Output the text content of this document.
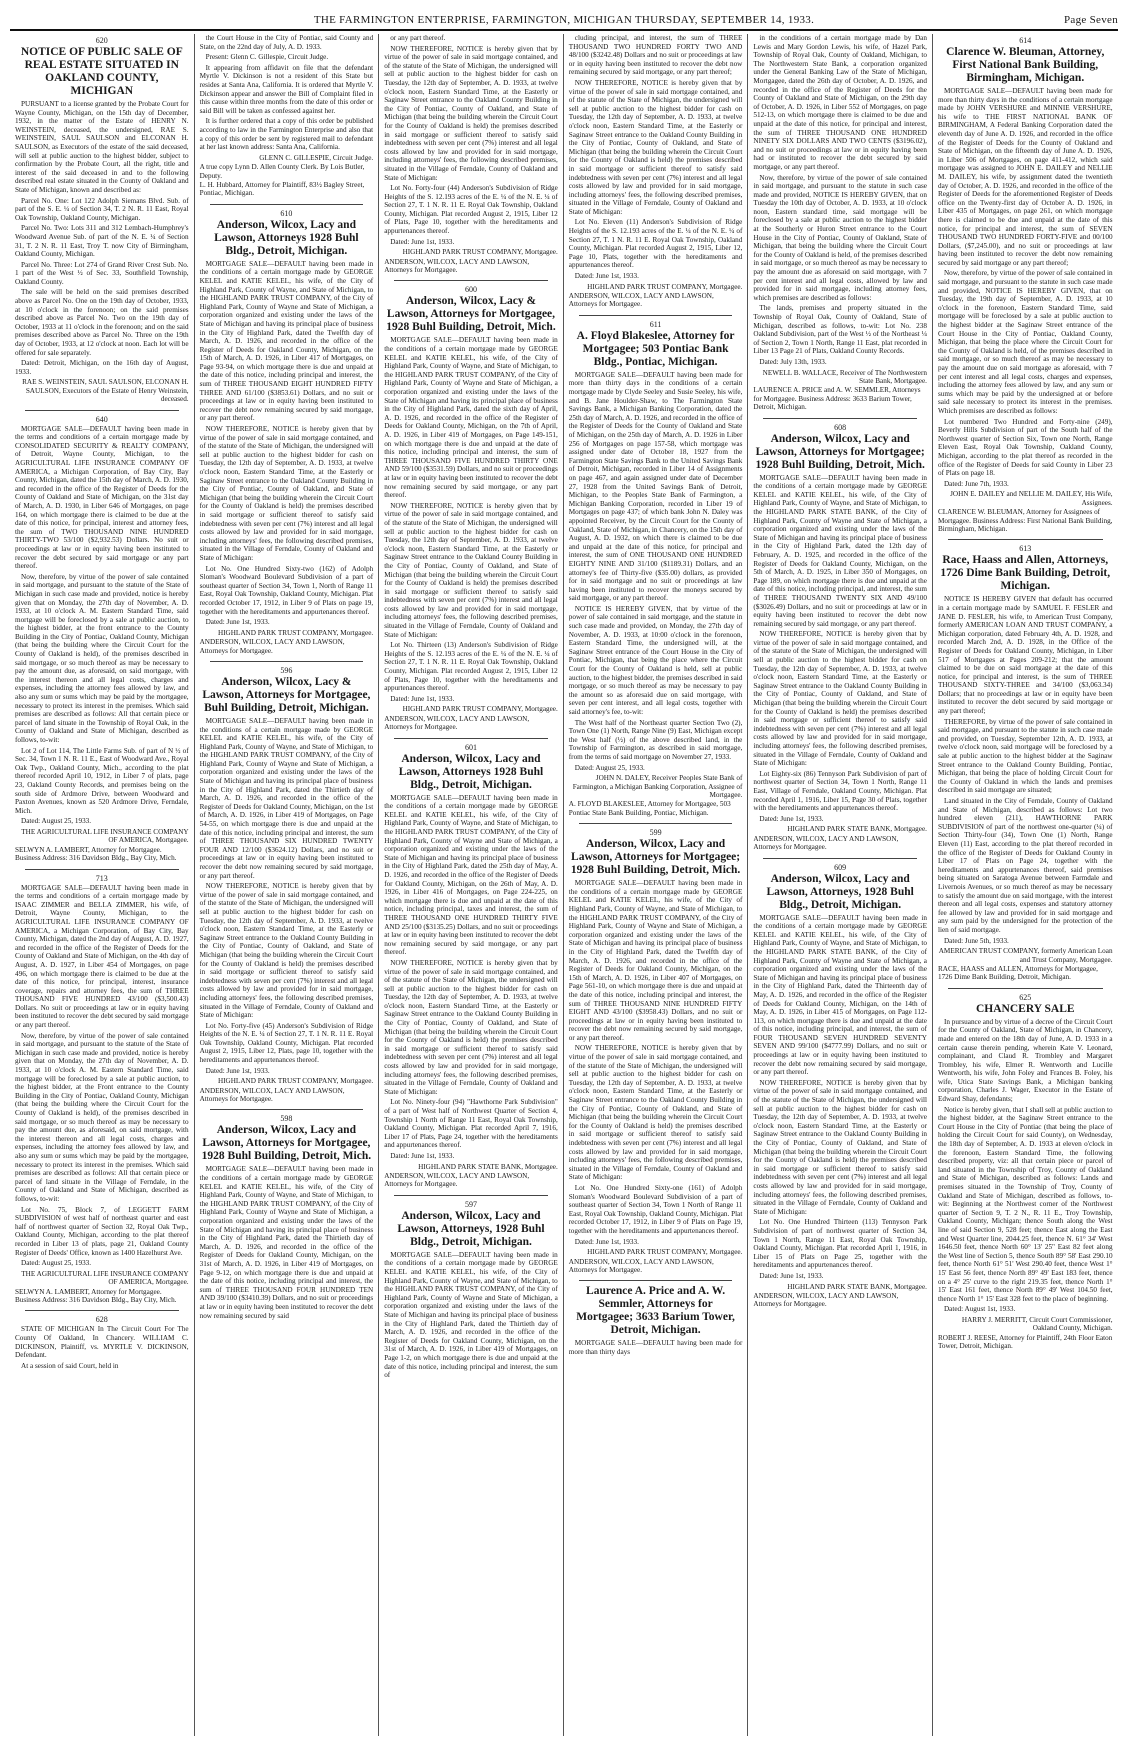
THE FARMINGTON ENTERPRISE, FARMINGTON, MICHIGAN THURSDAY, SEPTEMBER 14, 1933.	Page Seven
620
NOTICE OF PUBLIC SALE OF REAL ESTATE SITUATED IN OAKLAND COUNTY, MICHIGAN

PURSUANT to a license granted by the Probate Court for Wayne County, Michigan, on the 15th day of December, 1932, in the matter of the Estate of HENRY N. WEINSTEIN, deceased, the undersigned, RAE S. WEINSTEIN, SAUL SAULSON and ELCONAN H. SAULSON, as Executors of the estate of the said deceased, will sell at public auction to the highest bidder, subject to confirmation by the Probate Court, all the right, title and interest of the said deceased in and to the following described real estate situated in the County of Oakland and State of Michigan, known and described as:

Parcel No. One: Lot 122 Adolph Siemans Blvd. Sub. of part of the S. E. ¼ of Section 34, T. 2 N. R. 11 East, Royal Oak Township, Oakland County, Michigan.

Parcel No. Two: Lots 311 and 312 Lembach-Humphrey's Woodward Avenue Sub. of part of the N. E. ¼ of Section 31, T. 2 N. R. 11 East, Troy T. now City of Birmingham, Oakland County, Michigan.

Parcel No. Three: Lot 274 of Grand River Crest Sub. No. 1 part of the West ½ of Sec. 33, Southfield Township, Oakland County.

The sale will be held on the said premises described above as Parcel No. One on the 19th day of October, 1933, at 10 o'clock in the forenoon; on the said premises described above as Parcel No. Two on the 19th day of October, 1933 at 11 o'clock in the forenoon; and on the said premises described above as Parcel No. Three on the 19th day of October, 1933, at 12 o'clock at noon. Each lot will be offered for sale separately.

Dated: Detroit, Michigan, on the 16th day of August, 1933.

RAE S. WEINSTEIN, SAUL SAULSON, ELCONAN H. SAULSON, Executors of the Estate of Henry Weinstein, deceased.

640

MORTGAGE SALE—DEFAULT having been made in the terms and conditions of a certain mortgage made by CONSOLIDATED SECURITY & REALTY COMPANY, of Detroit, Wayne County, Michigan, to the AGRICULTURAL LIFE INSURANCE COMPANY OF AMERICA, a Michigan Corporation, of Bay City, Bay County, Michigan, dated the 15th day of March, A. D. 1930, and recorded in the office of the Register of Deeds for the County of Oakland and State of Michigan, on the 31st day of March, A. D. 1930, in Liber 646 of Mortgages, on page 164, on which mortgage there is claimed to be due at the date of this notice, for principal, interest and attorney fees, the sum of TWO THOUSAND NINE HUNDRED THIRTY-TWO 53/100 ($2,932.53) Dollars. No suit or proceedings at law or in equity having been instituted to recover the debt secured by said mortgage or any part thereof.

Now, therefore, by virtue of the power of sale contained in said mortgage, and pursuant to the statute of the State of Michigan in such case made and provided, notice is hereby given that on Monday, the 27th day of November, A. D. 1933, at 10 o'clock A. M. Eastern Standard Time, said mortgage will be foreclosed by a sale at public auction, to the highest bidder, at the front entrance to the County Building in the City of Pontiac, Oakland County, Michigan (that being the building where the Circuit Court for the County of Oakland is held), of the premises described in said mortgage, or so much thereof as may be necessary to pay the amount due, as aforesaid, on said mortgage, with the interest thereon and all legal costs, charges and expenses, including the attorney fees allowed by law, and also any sum or sums which may be paid by the mortgagee, necessary to protect its interest in the premises. Which said premises are described as follows: All that certain piece or parcel of land situate in the Township of Royal Oak, in the County of Oakland and State of Michigan, described as follows, to-wit:

Lot 2 of Lot 114, The Little Farms Sub. of part of N ½ of Sec. 34, Town 1 N. R. 11 E., East of Woodward Ave., Royal Oak Twp., Oakland County, Mich., according to the plat thereof recorded April 10, 1912, in Liber 7 of plats, page 23, Oakland County Records, and premises being on the south side of Ardmore Drive, between Woodward and Paxton Avenues, known as 520 Ardmore Drive, Ferndale, Mich.

Dated: August 25, 1933.

THE AGRICULTURAL LIFE INSURANCE COMPANY OF AMERICA, Mortgagee.

SELWYN A. LAMBERT, Attorney for Mortgagee. Business Address: 316 Davidson Bldg., Bay City, Mich.

713

MORTGAGE SALE—DEFAULT having been made in the terms and conditions of a certain mortgage made by ISAAC ZIMMER and BELLA ZIMMER, his wife, of Detroit, Wayne County, Michigan, to the AGRICULTURAL LIFE INSURANCE COMPANY OF AMERICA, a Michigan Corporation, of Bay City, Bay County, Michigan, dated the 2nd day of August, A. D. 1927, and recorded in the office of the Register of Deeds for the County of Oakland and State of Michigan, on the 4th day of August, A. D. 1927, in Liber 454 of Mortgages, on page 496, on which mortgage there is claimed to be due at the date of this notice, for principal, interest, insurance coverage, repairs and attorney fees, the sum of THREE THOUSAND FIVE HUNDRED 43/100 ($3,500.43) Dollars. No suit or proceedings at law or in equity having been instituted to recover the debt secured by said mortgage or any part thereof.

Now, therefore, by virtue of the power of sale contained in said mortgage, and pursuant to the statute of the State of Michigan in such case made and provided, notice is hereby given that on Monday, the 27th day of November, A. D. 1933, at 10 o'clock A. M. Eastern Standard Time, said mortgage will be foreclosed by a sale at public auction, to the highest bidder, at the Front entrance to the County Building in the City of Pontiac, Oakland County, Michigan (that being the building where the Circuit Court for the County of Oakland is held), of the premises described in said mortgage, or so much thereof as may be necessary to pay the amount due, as aforesaid, on said mortgage, with the interest thereon and all legal costs, charges and expenses, including the attorney fees allowed by law, and also any sum or sums which may be paid by the mortgagee, necessary to protect its interest in the premises. Which said premises are described as follows: All that certain piece or parcel of land situate in the Village of Ferndale, in the County of Oakland and State of Michigan, described as follows, to-wit:

Lot No. 75, Block 7, of LEGGETT FARM SUBDIVISION of west half of northeast quarter and east half of northwest quarter of Section 32, Royal Oak Twp., Oakland County, Michigan, according to the plat thereof recorded in Liber 13 of plats, page 21, Oakland County Register of Deeds' Office, known as 1400 Hazelhurst Ave.

Dated: August 25, 1933.

THE AGRICULTURAL LIFE INSURANCE COMPANY OF AMERICA, Mortgagee.

SELWYN A. LAMBERT, Attorney for Mortgagee. Business Address: 316 Davidson Bldg., Bay City, Mich.

628

STATE OF MICHIGAN In The Circuit Court For The County Of Oakland, In Chancery. WILLIAM C. DICKINSON, Plaintiff, vs. MYRTLE V. DICKINSON, Defendant.

At a session of said Court, held in

the Court House in the City of Pontiac, said County and State, on the 22nd day of July, A. D. 1933.

Present: Glenn C. Gillespie, Circuit Judge.

It appearing from affidavit on file that the defendant Myrtle V. Dickinson is not a resident of this State but resides at Santa Ana, California. It is ordered that Myrtle V. Dickinson appear and answer the Bill of Complaint filed in this cause within three months from the date of this order or said Bill will be taken as confessed against her.

It is further ordered that a copy of this order be published according to law in the Farmington Enterprise and also that a copy of this order be sent by registered mail to defendant at her last known address: Santa Ana, California.

GLENN C. GILLESPIE, Circuit Judge.

A true copy Lynn D. Allen County Clerk. By Lois Butler, Deputy.

L. H. Hubbard, Attorney for Plaintiff, 83½ Bagley Street, Pontiac, Michigan.

610
Anderson, Wilcox, Lacy and Lawson, Attorneys 1928 Buhl Bldg., Detroit, Michigan.

MORTGAGE SALE—DEFAULT having been made in the conditions of a certain mortgage made by GEORGE KELEL and KATIE KELEL, his wife, of the City of Highland Park, County of Wayne, and State of Michigan, to the HIGHLAND PARK TRUST COMPANY, of the City of Highland Park, County of Wayne and State of Michigan, a corporation organized and existing under the laws of the State of Michigan and having its principal place of business in the City of Highland Park, dated the Twelfth day of March, A. D. 1926, and recorded in the office of the Register of Deeds for Oakland County, Michigan, on the 15th of March, A. D. 1926, in Liber 417 of Mortgages, on Page 93-94, on which mortgage there is due and unpaid at the date of this notice, including principal and interest, the sum of THREE THOUSAND EIGHT HUNDRED FIFTY THREE AND 61/100 ($3853.61) Dollars, and no suit or proceedings at law or in equity having been instituted to recover the debt now remaining secured by said mortgage, or any part thereof.

NOW THEREFORE, NOTICE is hereby given that by virtue of the power of sale in said mortgage contained, and of the statute of the State of Michigan, the undersigned will sell at public auction to the highest bidder for cash on Tuesday, the 12th day of September, A. D. 1933, at twelve o'clock noon, Eastern Standard Time, at the Easterly or Saginaw Street entrance to the Oakland County Building in the City of Pontiac, County of Oakland, and State of Michigan (that being the building wherein the Circuit Court for the County of Oakland is held) the premises described in said mortgage or sufficient thereof to satisfy said indebtedness with seven per cent (7%) interest and all legal costs allowed by law and provided for in said mortgage, including attorneys' fees, the following described premises, situated in the Village of Ferndale, County of Oakland and State of Michigan:

Lot No. One Hundred Sixty-two (162) of Adolph Sloman's Woodward Boulevard Subdivision of a part of southeast quarter of Section 34, Town 1, North of Range 11 East, Royal Oak Township, Oakland County, Michigan. Plat recorded October 17, 1912, in Liber 9 of Plats on page 19, together with the hereditaments and appurtenances thereof.

Dated: June 1st, 1933.

HIGHLAND PARK TRUST COMPANY, Mortgagee.

ANDERSON, WILCOX, LACY AND LAWSON, Attorneys for Mortgagee.

596
Anderson, Wilcox, Lacy & Lawson, Attorneys for Mortgagee, Buhl Building, Detroit, Michigan.

MORTGAGE SALE—DEFAULT having been made in the conditions of a certain mortgage made by GEORGE KELEL and KATIE KELEL, his wife, of the City of Highland Park, County of Wayne, and State of Michigan, to the HIGHLAND PARK TRUST COMPANY, of the City of Highland Park, County of Wayne and State of Michigan, a corporation organized and existing under the laws of the State of Michigan and having its principal place of business in the City of Highland Park, dated the Thirtieth day of March, A. D. 1926, and recorded in the office of the Register of Deeds for Oakland County, Michigan, on the 1st of March, A. D. 1926, in Liber 419 of Mortgages, on Page 54-55, on which mortgage there is due and unpaid at the date of this notice, including principal and interest, the sum of THREE THOUSAND SIX HUNDRED TWENTY FOUR AND 12/100 ($3624.12) Dollars, and no suit or proceedings at law or in equity having been instituted to recover the debt now remaining secured by said mortgage, or any part thereof.

NOW THEREFORE, NOTICE is hereby given that by virtue of the power of sale in said mortgage contained, and of the statute of the State of Michigan, the undersigned will sell at public auction to the highest bidder for cash on Tuesday, the 12th day of September, A. D. 1933, at twelve o'clock noon, Eastern Standard Time, at the Easterly or Saginaw Street entrance to the Oakland County Building in the City of Pontiac, County of Oakland, and State of Michigan (that being the building wherein the Circuit Court for the County of Oakland is held) the premises described in said mortgage or sufficient thereof to satisfy said indebtedness with seven per cent (7%) interest and all legal costs allowed by law and provided for in said mortgage, including attorneys' fees, the following described premises, situated in the Village of Ferndale, County of Oakland and State of Michigan:

Lot No. Forty-five (45) Anderson's Subdivision of Ridge Heights of the N. E. ¼ of Section 27, T. 1 N. R. 11 E. Royal Oak Township, Oakland County, Michigan. Plat recorded August 2, 1915, Liber 12, Plats, page 10, together with the hereditaments and appurtenances thereof.

Dated: June 1st, 1933.

HIGHLAND PARK TRUST COMPANY, Mortgagee.

ANDERSON, WILCOX, LACY AND LAWSON, Attorneys for Mortgagee.

598
Anderson, Wilcox, Lacy and Lawson, Attorneys for Mortgagee, 1928 Buhl Building, Detroit, Mich.

MORTGAGE SALE—DEFAULT having been made in the conditions of a certain mortgage made by GEORGE KELEL and KATIE KELEL, his wife, of the City of Highland Park, County of Wayne, and State of Michigan, to the HIGHLAND PARK TRUST COMPANY, of the City of Highland Park, County of Wayne and State of Michigan, a corporation organized and existing under the laws of the State of Michigan and having its principal place of business in the City of Highland Park, dated the Thirtieth day of March, A. D. 1926, and recorded in the office of the Register of Deeds for Oakland County, Michigan, on the 31st of March, A. D. 1926, in Liber 419 of Mortgages, on Page 9-12, on which mortgage there is due and unpaid at the date of this notice, including principal and interest, the sum of THREE THOUSAND FOUR HUNDRED TEN AND 39/100 ($3410.39) Dollars, and no suit or proceedings at law or in equity having been instituted to recover the debt now remaining secured by said

or any part thereof.

NOW THEREFORE, NOTICE is hereby given that by virtue of the power of sale in said mortgage contained, and of the statute of the State of Michigan, the undersigned will sell at public auction to the highest bidder for cash on Tuesday, the 12th day of September, A. D. 1933, at twelve o'clock noon, Eastern Standard Time, at the Easterly or Saginaw Street entrance to the Oakland County Building in the City of Pontiac, County of Oakland, and State of Michigan (that being the building wherein the Circuit Court for the County of Oakland is held) the premises described in said mortgage or sufficient thereof to satisfy said indebtedness with seven per cent (7%) interest and all legal costs allowed by law and provided for in said mortgage, including attorneys' fees, the following described premises, situated in the Village of Ferndale, County of Oakland and State of Michigan:

Lot No. Forty-four (44) Anderson's Subdivision of Ridge Heights of the S. 12.193 acres of the E. ¼ of the N. E. ¼ of Section 27, T. 1 N. R. 11 E. Royal Oak Township, Oakland County, Michigan. Plat recorded August 2, 1915, Liber 12 of Plats, Page 10, together with the hereditaments and appurtenances thereof.

Dated: June 1st, 1933.

HIGHLAND PARK TRUST COMPANY, Mortgagee.

ANDERSON, WILCOX, LACY AND LAWSON, Attorneys for Mortgagee.

600
Anderson, Wilcox, Lacy & Lawson, Attorneys for Mortgagee, 1928 Buhl Building, Detroit, Mich.

MORTGAGE SALE—DEFAULT having been made in the conditions of a certain mortgage made by GEORGE KELEL and KATIE KELEL, his wife, of the City of Highland Park, County of Wayne, and State of Michigan, to the HIGHLAND PARK TRUST COMPANY, of the City of Highland Park, County of Wayne and State of Michigan, a corporation organized and existing under the laws of the State of Michigan and having its principal place of business in the City of Highland Park, dated the sixth day of April, A. D. 1926, and recorded in the office of the Register of Deeds for Oakland County, Michigan, on the 7th of April, A. D. 1926, in Liber 419 of Mortgages, on Page 149-151, on which mortgage there is due and unpaid at the date of this notice, including principal and interest, the sum of THREE THOUSAND FIVE HUNDRED THIRTY ONE AND 59/100 ($3531.59) Dollars, and no suit or proceedings at law or in equity having been instituted to recover the debt now remaining secured by said mortgage, or any part thereof.

NOW THEREFORE, NOTICE is hereby given that by virtue of the power of sale in said mortgage contained, and of the statute of the State of Michigan, the undersigned will sell at public auction to the highest bidder for cash on Tuesday, the 12th day of September, A. D. 1933, at twelve o'clock noon, Eastern Standard Time, at the Easterly or Saginaw Street entrance to the Oakland County Building in the City of Pontiac, County of Oakland, and State of Michigan (that being the building wherein the Circuit Court for the County of Oakland is held) the premises described in said mortgage or sufficient thereof to satisfy said indebtedness with seven per cent (7%) interest and all legal costs allowed by law and provided for in said mortgage, including attorneys' fees, the following described premises, situated in the Village of Ferndale, County of Oakland and State of Michigan:

Lot No. Thirteen (13) Anderson's Subdivision of Ridge Heights of the S. 12.193 acres of the E. ¼ of the N. E. ¼ of Section 27, T. 1 N. R. 11 E. Royal Oak Township, Oakland County, Michigan. Plat recorded August 2, 1915, Liber 12 of Plats, Page 10, together with the hereditaments and appurtenances thereof.

Dated: June 1st, 1933.

HIGHLAND PARK TRUST COMPANY, Mortgagee.

ANDERSON, WILCOX, LACY AND LAWSON, Attorneys for Mortgagee.

601
Anderson, Wilcox, Lacy and Lawson, Attorneys 1928 Buhl Bldg., Detroit, Michigan.

MORTGAGE SALE—DEFAULT having been made in the conditions of a certain mortgage made by GEORGE KELEL and KATIE KELEL, his wife, of the City of Highland Park, County of Wayne, and State of Michigan, to the HIGHLAND PARK TRUST COMPANY, of the City of Highland Park, County of Wayne and State of Michigan, a corporation organized and existing under the laws of the State of Michigan and having its principal place of business in the City of Highland Park, dated the 25th day of May, A. D. 1926, and recorded in the office of the Register of Deeds for Oakland County, Michigan, on the 26th of May, A. D. 1926, in Liber 416 of Mortgages, on Page 224-225, on which mortgage there is due and unpaid at the date of this notice, including principal, taxes and interest, the sum of THREE THOUSAND ONE HUNDRED THIRTY FIVE AND 25/100 ($3135.25) Dollars, and no suit or proceedings at law or in equity having been instituted to recover the debt now remaining secured by said mortgage, or any part thereof.

NOW THEREFORE, NOTICE is hereby given that by virtue of the power of sale in said mortgage contained, and of the statute of the State of Michigan, the undersigned will sell at public auction to the highest bidder for cash on Tuesday, the 12th day of September, A. D. 1933, at twelve o'clock noon, Eastern Standard Time, at the Easterly or Saginaw Street entrance to the Oakland County Building in the City of Pontiac, County of Oakland, and State of Michigan (that being the building wherein the Circuit Court for the County of Oakland is held) the premises described in said mortgage or sufficient thereof to satisfy said indebtedness with seven per cent (7%) interest and all legal costs allowed by law and provided for in said mortgage, including attorneys' fees, the following described premises, situated in the Village of Ferndale, County of Oakland and State of Michigan:

Lot No. Ninety-four (94) "Hawthorne Park Subdivision" of a part of West half of Northwest Quarter of Section 4, Township 1 North of Range 11 East, Royal Oak Township, Oakland County, Michigan. Plat recorded April 7, 1916, Liber 17 of Plats, Page 24, together with the hereditaments and appurtenances thereof.

Dated: June 1st, 1933.

HIGHLAND PARK STATE BANK, Mortgagee.

ANDERSON, WILCOX, LACY AND LAWSON, Attorneys for Mortgagee.

597
Anderson, Wilcox, Lacy and Lawson, Attorneys, 1928 Buhl Bldg., Detroit, Michigan.

MORTGAGE SALE—DEFAULT having been made in the conditions of a certain mortgage made by GEORGE KELEL and KATIE KELEL, his wife, of the City of Highland Park, County of Wayne, and State of Michigan, to the HIGHLAND PARK TRUST COMPANY, of the City of Highland Park, County of Wayne and State of Michigan, a corporation organized and existing under the laws of the State of Michigan and having its principal place of business in the City of Highland Park, dated the Thirtieth day of March, A. D. 1926, and recorded in the office of the Register of Deeds for Oakland County, Michigan, on the 31st of March, A. D. 1926, in Liber 419 of Mortgages, on Page 1-2, on which mortgage there is due and unpaid at the date of this notice, including principal and interest, the sum of

cluding principal, and interest, the sum of THREE THOUSAND TWO HUNDRED FORTY TWO AND 48/100 ($3242.48) Dollars and no suit or proceedings at law or in equity having been instituted to recover the debt now remaining secured by said mortgage, or any part thereof;

NOW THEREFORE, NOTICE is hereby given that by virtue of the power of sale in said mortgage contained, and of the statute of the State of Michigan, the undersigned will sell at public auction to the highest bidder for cash on Tuesday, the 12th day of September, A. D. 1933, at twelve o'clock noon, Eastern Standard Time, at the Easterly or Saginaw Street entrance to the Oakland County Building in the City of Pontiac, County of Oakland, and State of Michigan (that being the building wherein the Circuit Court for the County of Oakland is held) the premises described in said mortgage or sufficient thereof to satisfy said indebtedness with seven per cent (7%) interest and all legal costs allowed by law and provided for in said mortgage, including attorneys' fees, the following described premises, situated in the Village of Ferndale, County of Oakland and State of Michigan:

Lot No. Eleven (11) Anderson's Subdivision of Ridge Heights of the S. 12.193 acres of the E. ¼ of the N. E. ¼ of Section 27, T. 1 N. R. 11 E. Royal Oak Township, Oakland County, Michigan. Plat recorded August 2, 1915, Liber 12, Page 10, Plats, together with the hereditaments and appurtenances thereof.

Dated: June 1st, 1933.

HIGHLAND PARK TRUST COMPANY, Mortgagee.

ANDERSON, WILCOX, LACY AND LAWSON, Attorneys for Mortgagee.

611
A. Floyd Blakeslee, Attorney for Mortgagee; 503 Pontiac Bank Bldg., Pontiac, Michigan.

MORTGAGE SALE—DEFAULT having been made for more than thirty days in the conditions of a certain mortgage made by Clyde Seeley and Susie Seeley, his wife, and B. Jane Houlder-Shaw, to The Farmington State Savings Bank, a Michigan Banking Corporation, dated the 25th day of March, A. D. 1926, and recorded in the office of the Register of Deeds for the County of Oakland and State of Michigan, on the 25th day of March, A. D. 1926 in Liber 256 of Mortgages on page 157-58, which mortgage was assigned under date of October 18, 1927 from the Farmington State Savings Bank to the United Savings Bank of Detroit, Michigan, recorded in Liber 14 of Assignments on page 467, and again assigned under date of December 27, 1928 from the United Savings Bank of Detroit, Michigan, to the Peoples State Bank of Farmington, a Michigan Banking Corporation, recorded in Liber 19 of Mortgages on page 437; of which bank John N. Daley was appointed Receiver, by the Circuit Court for the County of Oakland, State of Michigan, in Chancery, on the 15th day of August, A. D. 1932, on which there is claimed to be due and unpaid at the date of this notice, for principal and interest, the sum of ONE THOUSAND ONE HUNDRED EIGHTY NINE AND 31/100 ($1189.31) Dollars, and an attorney's fee of Thirty-five ($35.00) dollars, as provided for in said mortgage and no suit or proceedings at law having been instituted to recover the moneys secured by said mortgage, or any part thereof.

NOTICE IS HEREBY GIVEN, that by virtue of the power of sale contained in said mortgage, and the statute in such case made and provided, on Monday, the 27th day of November, A. D. 1933, at 10:00 o'clock in the forenoon, Eastern Standard Time, the undersigned will, at the Saginaw Street entrance of the Court House in the City of Pontiac, Michigan, that being the place where the Circuit Court for the County of Oakland is held, sell at public auction, to the highest bidder, the premises described in said mortgage, or so much thereof as may be necessary to pay the amount so as aforesaid due on said mortgage, with seven per cent interest, and all legal costs, together with said attorney's fee, to-wit:

The West half of the Northeast quarter Section Two (2), Town One (1) North, Range Nine (9) East, Michigan except the West half (½) of the above described land, in the Township of Farmington, as described in said mortgage, from the terms of said mortgage on November 27, 1933.

Dated: August 25, 1933.

JOHN N. DALEY, Receiver Peoples State Bank of Farmington, a Michigan Banking Corporation, Assignee of Mortgagee.

A. FLOYD BLAKESLEE, Attorney for Mortgagee, 503 Pontiac State Bank Building, Pontiac, Michigan.

599
Anderson, Wilcox, Lacy and Lawson, Attorneys for Mortgagee; 1928 Buhl Building, Detroit, Mich.

MORTGAGE SALE—DEFAULT having been made in the conditions of a certain mortgage made by GEORGE KELEL and KATIE KELEL, his wife, of the City of Highland Park, County of Wayne, and State of Michigan, to the HIGHLAND PARK TRUST COMPANY, of the City of Highland Park, County of Wayne and State of Michigan, a corporation organized and existing under the laws of the State of Michigan and having its principal place of business in the City of Highland Park, dated the Twelfth day of March, A. D. 1926, and recorded in the office of the Register of Deeds for Oakland County, Michigan, on the 15th of March, A. D. 1926, in Liber 407 of Mortgages, on Page 561-10, on which mortgage there is due and unpaid at the date of this notice, including principal and interest, the sum of THREE THOUSAND NINE HUNDRED FIFTY EIGHT AND 43/100 ($3958.43) Dollars, and no suit or proceedings at law or in equity having been instituted to recover the debt now remaining secured by said mortgage, or any part thereof.

NOW THEREFORE, NOTICE is hereby given that by virtue of the power of sale in said mortgage contained, and of the statute of the State of Michigan, the undersigned will sell at public auction to the highest bidder for cash on Tuesday, the 12th day of September, A. D. 1933, at twelve o'clock noon, Eastern Standard Time, at the Easterly or Saginaw Street entrance to the Oakland County Building in the City of Pontiac, County of Oakland, and State of Michigan (that being the building wherein the Circuit Court for the County of Oakland is held) the premises described in said mortgage or sufficient thereof to satisfy said indebtedness with seven per cent (7%) interest and all legal costs allowed by law and provided for in said mortgage, including attorneys' fees, the following described premises, situated in the Village of Ferndale, County of Oakland and State of Michigan:

Lot No. One Hundred Sixty-one (161) of Adolph Sloman's Woodward Boulevard Subdivision of a part of southeast quarter of Section 34, Town 1 North of Range 11 East, Royal Oak Township, Oakland County, Michigan. Plat recorded October 17, 1912, in Liber 9 of Plats on Page 19, together with the hereditaments and appurtenances thereof.

Dated: June 1st, 1933.

HIGHLAND PARK TRUST COMPANY, Mortgagee.

ANDERSON, WILCOX, LACY AND LAWSON, Attorneys for Mortgagee.

Laurence A. Price and A. W. Semmler, Attorneys for Mortgagee; 3633 Barium Tower, Detroit, Michigan.

MORTGAGE SALE—DEFAULT having been made for more than thirty days

in the conditions of a certain mortgage made by Dan Lewis and Mary Gordon Lewis, his wife, of Hazel Park, Township of Royal Oak, County of Oakland, Michigan, to The Northwestern State Bank, a corporation organized under the General Banking Law of the State of Michigan, Mortgagee, dated the 26th day of October, A. D. 1926, and recorded in the office of the Register of Deeds for the County of Oakland and State of Michigan, on the 29th day of October, A. D. 1926, in Liber 552 of Mortgages, on page 512-13, on which mortgage there is claimed to be due and unpaid at the date of this notice, for principal and interest, the sum of THREE THOUSAND ONE HUNDRED NINETY SIX DOLLARS AND TWO CENTS ($3196.02), and no suit or proceedings at law or in equity having been had or instituted to recover the debt secured by said mortgage, or any part thereof.

Now, therefore, by virtue of the power of sale contained in said mortgage, and pursuant to the statute in such case made and provided, NOTICE IS HEREBY GIVEN, that on Tuesday the 10th day of October, A. D. 1933, at 10 o'clock noon, Eastern standard time, said mortgage will be foreclosed by a sale at public auction to the highest bidder at the Southerly or Huron Street entrance to the Court House in the City of Pontiac, County of Oakland, State of Michigan, that being the building where the Circuit Court for the County of Oakland is held, of the premises described in said mortgage, or so much thereof as may be necessary to pay the amount due as aforesaid on said mortgage, with 7 per cent interest and all legal costs, allowed by law and provided for in said mortgage, including attorney fees, which premises are described as follows:

The lands, premises and property situated in the Township of Royal Oak, County of Oakland, State of Michigan, described as follows, to-wit: Lot No. 238 Oakland Subdivision, part of the West ½ of the Northeast ¼ of Section 2, Town 1 North, Range 11 East, plat recorded in Liber 13 Page 21 of Plats, Oakland County Records.

Dated: July 13th, 1933.

NEWELL B. WALLACE, Receiver of The Northwestern State Bank, Mortgagee.

LAURENCE A. PRICE and A. W. SEMMLER, Attorneys for Mortgagee. Business Address: 3633 Barium Tower, Detroit, Michigan.

608
Anderson, Wilcox, Lacy and Lawson, Attorneys for Mortgagee; 1928 Buhl Building, Detroit, Mich.

MORTGAGE SALE—DEFAULT having been made in the conditions of a certain mortgage made by GEORGE KELEL and KATIE KELEL, his wife, of the City of Highland Park, County of Wayne, and State of Michigan, to the HIGHLAND PARK STATE BANK, of the City of Highland Park, County of Wayne and State of Michigan, a corporation organized and existing under the laws of the State of Michigan and having its principal place of business in the City of Highland Park, dated the 12th day of February, A. D. 1925, and recorded in the office of the Register of Deeds for Oakland County, Michigan, on the 5th of March, A. D. 1925, in Liber 350 of Mortgages, on Page 189, on which mortgage there is due and unpaid at the date of this notice, including principal, and interest, the sum of THREE THOUSAND TWENTY SIX AND 49/100 ($3026.49) Dollars, and no suit or proceedings at law or in equity having been instituted to recover the debt now remaining secured by said mortgage, or any part thereof.

NOW THEREFORE, NOTICE is hereby given that by virtue of the power of sale in said mortgage contained, and of the statute of the State of Michigan, the undersigned will sell at public auction to the highest bidder for cash on Tuesday, the 12th day of September, A. D. 1933, at twelve o'clock noon, Eastern Standard Time, at the Easterly or Saginaw Street entrance to the Oakland County Building in the City of Pontiac, County of Oakland, and State of Michigan (that being the building wherein the Circuit Court for the County of Oakland is held) the premises described in said mortgage or sufficient thereof to satisfy said indebtedness with seven per cent (7%) interest and all legal costs allowed by law and provided for in said mortgage, including attorneys' fees, the following described premises, situated in the Village of Ferndale, County of Oakland and State of Michigan:

Lot Eighty-six (86) Tennyson Park Subdivision of part of northwest quarter of Section 34, Town 1 North, Range 11 East, Village of Ferndale, Oakland County, Michigan. Plat recorded April 1, 1916, Liber 15, Page 30 of Plats, together with the hereditaments and appurtenances thereof.

Dated: June 1st, 1933.

HIGHLAND PARK STATE BANK, Mortgagee.

ANDERSON, WILCOX, LACY AND LAWSON, Attorneys for Mortgagee.

609
Anderson, Wilcox, Lacy and Lawson, Attorneys, 1928 Buhl Bldg., Detroit, Michigan.

MORTGAGE SALE—DEFAULT having been made in the conditions of a certain mortgage made by GEORGE KELEL and KATIE KELEL, his wife, of the City of Highland Park, County of Wayne, and State of Michigan, to the HIGHLAND PARK STATE BANK, of the City of Highland Park, County of Wayne and State of Michigan, a corporation organized and existing under the laws of the State of Michigan and having its principal place of business in the City of Highland Park, dated the Thirteenth day of May, A. D. 1926, and recorded in the office of the Register of Deeds for Oakland County, Michigan, on the 14th of May, A. D. 1926, in Liber 415 of Mortgages, on Page 112-113, on which mortgage there is due and unpaid at the date of this notice, including principal, and interest, the sum of FOUR THOUSAND SEVEN HUNDRED SEVENTY SEVEN AND 99/100 ($4777.99) Dollars, and no suit or proceedings at law or in equity having been instituted to recover the debt now remaining secured by said mortgage, or any part thereof.

NOW THEREFORE, NOTICE is hereby given that by virtue of the power of sale in said mortgage contained, and of the statute of the State of Michigan, the undersigned will sell at public auction to the highest bidder for cash on Tuesday, the 12th day of September, A. D. 1933, at twelve o'clock noon, Eastern Standard Time, at the Easterly or Saginaw Street entrance to the Oakland County Building in the City of Pontiac, County of Oakland, and State of Michigan (that being the building wherein the Circuit Court for the County of Oakland is held) the premises described in said mortgage or sufficient thereof to satisfy said indebtedness with seven per cent (7%) interest and all legal costs allowed by law and provided for in said mortgage, including attorneys' fees, the following described premises, situated in the Village of Ferndale, County of Oakland and State of Michigan:

Lot No. One Hundred Thirteen (113) Tennyson Park Subdivision of part of northwest quarter of Section 34, Town 1 North, Range 11 East, Royal Oak Township, Oakland County, Michigan. Plat recorded April 1, 1916, in Liber 15 of Plats on Page 25, together with the hereditaments and appurtenances thereof.

Dated: June 1st, 1933.

HIGHLAND PARK STATE BANK, Mortgagee.

ANDERSON, WILCOX, LACY AND LAWSON, Attorneys for Mortgagee.

614
Clarence W. Bleuman, Attorney, First National Bank Building, Birmingham, Michigan.

MORTGAGE SALE—DEFAULT having been made for more than thirty days in the conditions of a certain mortgage made by JOHN VERSHURE and MINNIE VERSHURE, his wife to THE FIRST NATIONAL BANK OF BIRMINGHAM, A Federal Banking Corporation dated the eleventh day of June A. D. 1926, and recorded in the office of the Register of Deeds for the County of Oakland and State of Michigan, on the fifteenth day of June A. D. 1926, in Liber 506 of Mortgages, on page 411-412, which said mortgage was assigned to JOHN E. DAILEY and NELLIE M. DAILEY, his wife, by assignment dated the twentieth day of October, A. D. 1926, and recorded in the office of the Register of Deeds for the aforementioned Register of Deeds office on the Twenty-first day of October A. D. 1926, in Liber 435 of Mortgages, on page 261, on which mortgage there is claimed to be due and unpaid at the date of this notice, for principal and interest, the sum of SEVEN THOUSAND TWO HUNDRED FORTY-FIVE and 00/100 Dollars, ($7,245.00), and no suit or proceedings at law having been instituted to recover the debt now remaining secured by said mortgage or any part thereof;

Now, therefore, by virtue of the power of sale contained in said mortgage, and pursuant to the statute in such case made and provided, NOTICE IS HEREBY GIVEN, that on Tuesday, the 19th day of September, A. D. 1933, at 10 o'clock in the forenoon, Eastern Standard Time, said mortgage will be foreclosed by a sale at public auction to the highest bidder at the Saginaw Street entrance of the Court House in the City of Pontiac, Oakland County, Michigan, that being the place where the Circuit Court for the County of Oakland is held, of the premises described in said mortgage, or so much thereof as may be necessary to pay the amount due on said mortgage as aforesaid, with 7 per cent interest and all legal costs, charges and expenses, including the attorney fees allowed by law, and any sum or sums which may be paid by the undersigned at or before said sale necessary to protect its interest in the premises. Which premises are described as follows:

Lot numbered Two Hundred and Forty-nine (249), Beverly Hills Subdivision of part of the South half of the Northwest quarter of Section Six, Town one North, Range Eleven East, Royal Oak Township, Oakland County, Michigan, according to the plat thereof as recorded in the office of the Register of Deeds for said County in Liber 23 of Plats on page 18.

Dated: June 7th, 1933.

JOHN E. DAILEY and NELLIE M. DAILEY, His Wife, Assignees.

CLARENCE W. BLEUMAN, Attorney for Assignees of Mortgagee. Business Address: First National Bank Building, Birmingham, Michigan.

613
Race, Haass and Allen, Attorneys, 1726 Dime Bank Building, Detroit, Michigan.

NOTICE IS HEREBY GIVEN that default has occurred in a certain mortgage made by SAMUEL F. FESLER and JANE D. FESLER, his wife, to American Trust Company, formerly AMERICAN LOAN AND TRUST COMPANY, a Michigan corporation, dated February 4th, A. D. 1928, and recorded March 2nd, A. D. 1928, in the Office of the Register of Deeds for Oakland County, Michigan, in Liber 517 of Mortgages at Pages 209-212; that the amount claimed to be due on said mortgage at the date of this notice, for principal and interest, is the sum of THREE THOUSAND SIXTY-THREE and 34/100 ($3,063.34) Dollars; that no proceedings at law or in equity have been instituted to recover the debt secured by said mortgage or any part thereof;

THEREFORE, by virtue of the power of sale contained in said mortgage, and pursuant to the statute in such case made and provided, on Tuesday, September 12th, A. D. 1933, at twelve o'clock noon, said mortgage will be foreclosed by a sale at public auction to the highest bidder at the Saginaw Street entrance to the Oakland County Building, Pontiac, Michigan, that being the place of holding Circuit Court for the County of Oakland in which the lands and premises described in said mortgage are situated;

Land situated in the City of Ferndale, County of Oakland and State of Michigan, described as follows: Lot two hundred eleven (211), HAWTHORNE PARK SUBDIVISION of part of the northwest one-quarter (¼) of Section Thirty-four (34), Town One (1) North, Range Eleven (11) East, according to the plat thereof recorded in the office of the Register of Deeds for Oakland County in Liber 17 of Plats on Page 24, together with the hereditaments and appurtenances thereof, said premises being situated on Saratoga Avenue between Farmdale and Livernois Avenues, or so much thereof as may be necessary to satisfy the amount due on said mortgage, with the interest thereon and all legal costs, expenses and statutory attorney fee allowed by law and provided for in said mortgage and any sum paid by the undersigned for the protection of the lien of said mortgage.

Dated: June 5th, 1933.

AMERICAN TRUST COMPANY, formerly American Loan and Trust Company, Mortgagee.

RACE, HAASS and ALLEN, Attorneys for Mortgagee, 1726 Dime Bank Building, Detroit, Michigan.

625
CHANCERY SALE

In pursuance and by virtue of a decree of the Circuit Court for the County of Oakland, State of Michigan, in Chancery, made and entered on the 18th day of June, A. D. 1933 in a certain cause therein pending, wherein Kate V. Leonard, complainant, and Claud R. Trombley and Margaret Trombley, his wife, Elmer R. Wentworth and Lucille Wentworth, his wife, John Foley and Frances B. Foley, his wife, Utica State Savings Bank, a Michigan banking corporation, Charles J. Wager, Executor in the Estate of Edward Shay, defendants;

Notice is hereby given, that I shall sell at public auction to the highest bidder, at the Saginaw Street entrance to the Court House in the City of Pontiac (that being the place of holding the Circuit Court for said County), on Wednesday, the 18th day of September, A. D. 1933 at eleven o'clock in the forenoon, Eastern Standard Time, the following described property, viz: all that certain piece or parcel of land situated in the Township of Troy, County of Oakland and State of Michigan, described as follows: Lands and premises situated in the Township of Troy, County of Oakland and State of Michigan, described as follows, to-wit: Beginning at the Northwest corner of the Northwest quarter of Section 9, T. 2 N., R. 11 E., Troy Township, Oakland County, Michigan; thence South along the West line of said Section 9, 528 feet; thence East along the East and West Quarter line, 2044.25 feet, thence N. 61° 34' West 1646.50 feet, thence North 60° 13' 25" East 82 feet along the West line of Section 5, thence South 89° 58' East 290.10 feet, thence North 61° 51' West 290.40 feet, thence West 1° 15' East 56 feet, thence North 89° 49' East 183 feet, thence on a 4° 25' curve to the right 219.35 feet, thence North 1° 15' East 161 feet, thence North 89° 49' West 104.50 feet, thence North 1° 15' East 328 feet to the place of beginning.

Dated: August 1st, 1933.

HARRY J. MERRITT, Circuit Court Commissioner, Oakland County, Michigan.

ROBERT J. REESE, Attorney for Plaintiff, 24th Floor Eaton Tower, Detroit, Michigan.
